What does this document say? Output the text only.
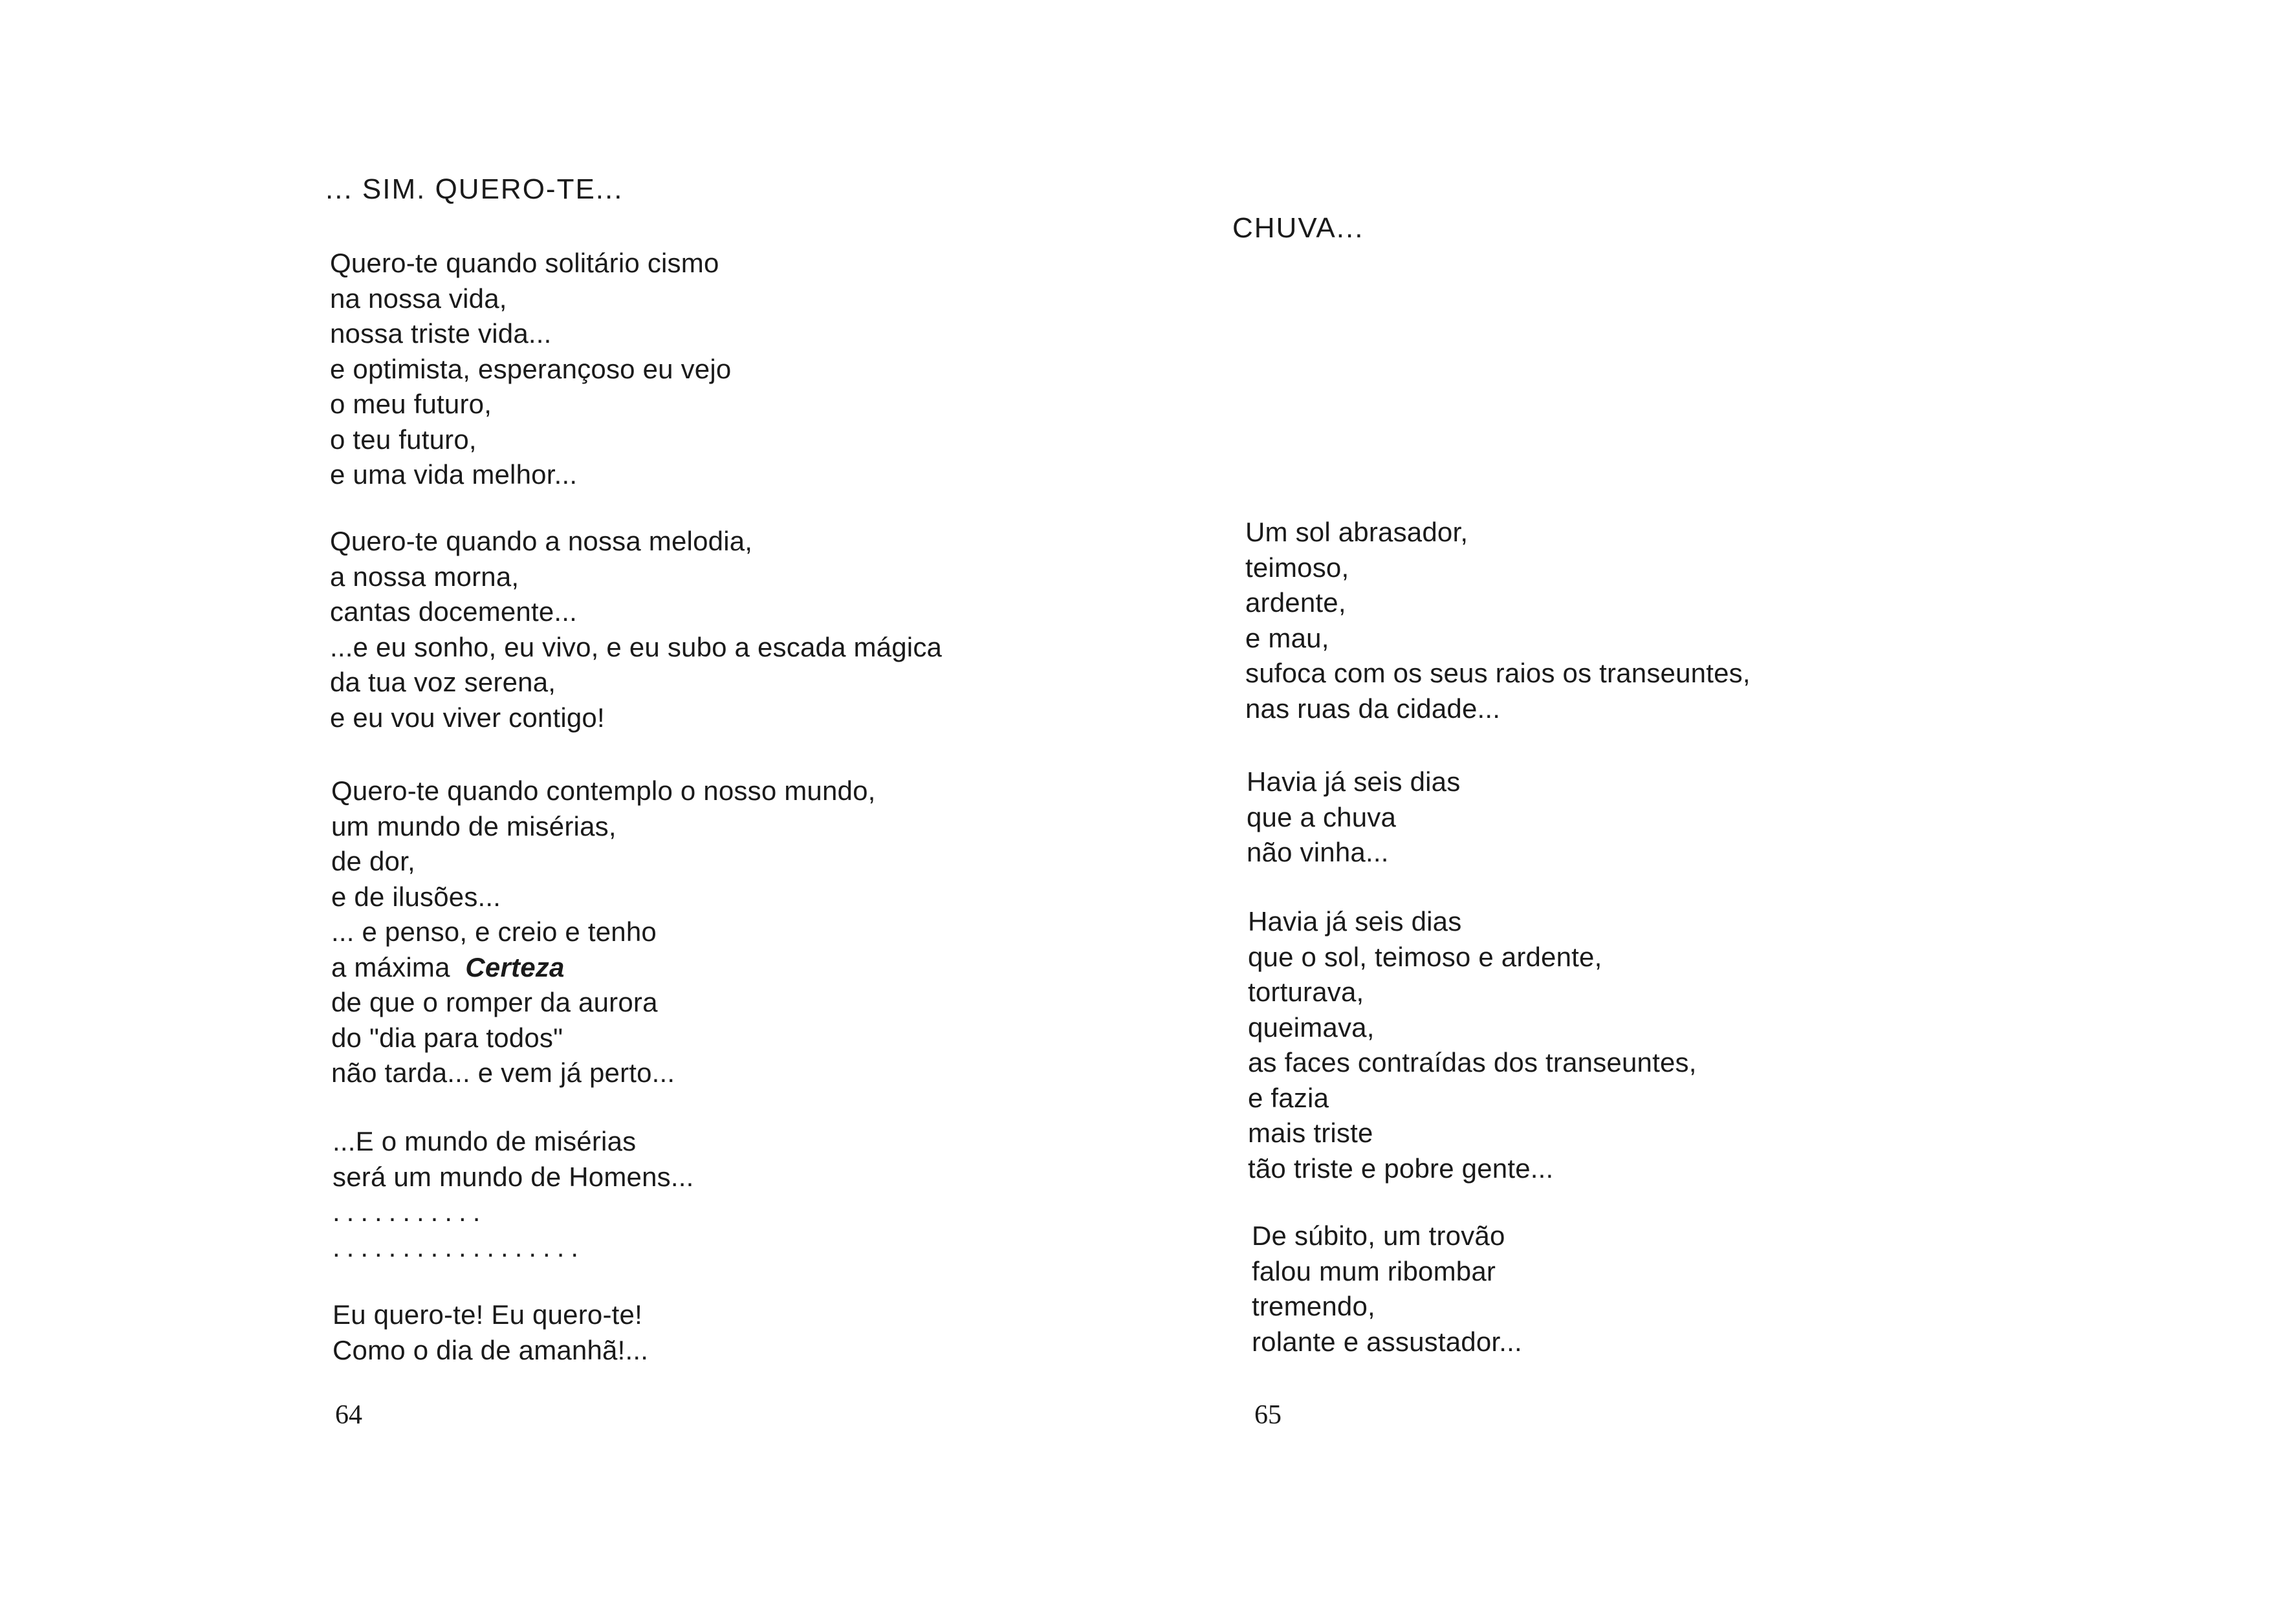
... SIM. QUERO-TE...
Quero-te quando solitário cismo
na nossa vida,
nossa triste vida...
e optimista, esperançoso eu vejo
o meu futuro,
o teu futuro,
e uma vida melhor...
Quero-te quando a nossa melodia,
a nossa morna,
cantas docemente...
...e eu sonho, eu vivo, e eu subo a escada mágica
da tua voz serena,
e eu vou viver contigo!
Quero-te quando contemplo o nosso mundo,
um mundo de misérias,
de dor,
e de ilusões...
... e penso, e creio e tenho
a máxima Certeza
de que o romper da aurora
do "dia para todos"
não tarda... e vem já perto...
...E o mundo de misérias
será um mundo de Homens...
...........
..................
Eu quero-te! Eu quero-te!
Como o dia de amanhã!...

64

CHUVA...
Um sol abrasador,
teimoso,
ardente,
e mau,
sufoca com os seus raios os transeuntes,
nas ruas da cidade...
Havia já seis dias
que a chuva
não vinha...
Havia já seis dias
que o sol, teimoso e ardente,
torturava,
queimava,
as faces contraídas dos transeuntes,
e fazia
mais triste
tão triste e pobre gente...
De súbito, um trovão
falou mum ribombar
tremendo,
rolante e assustador...

65
